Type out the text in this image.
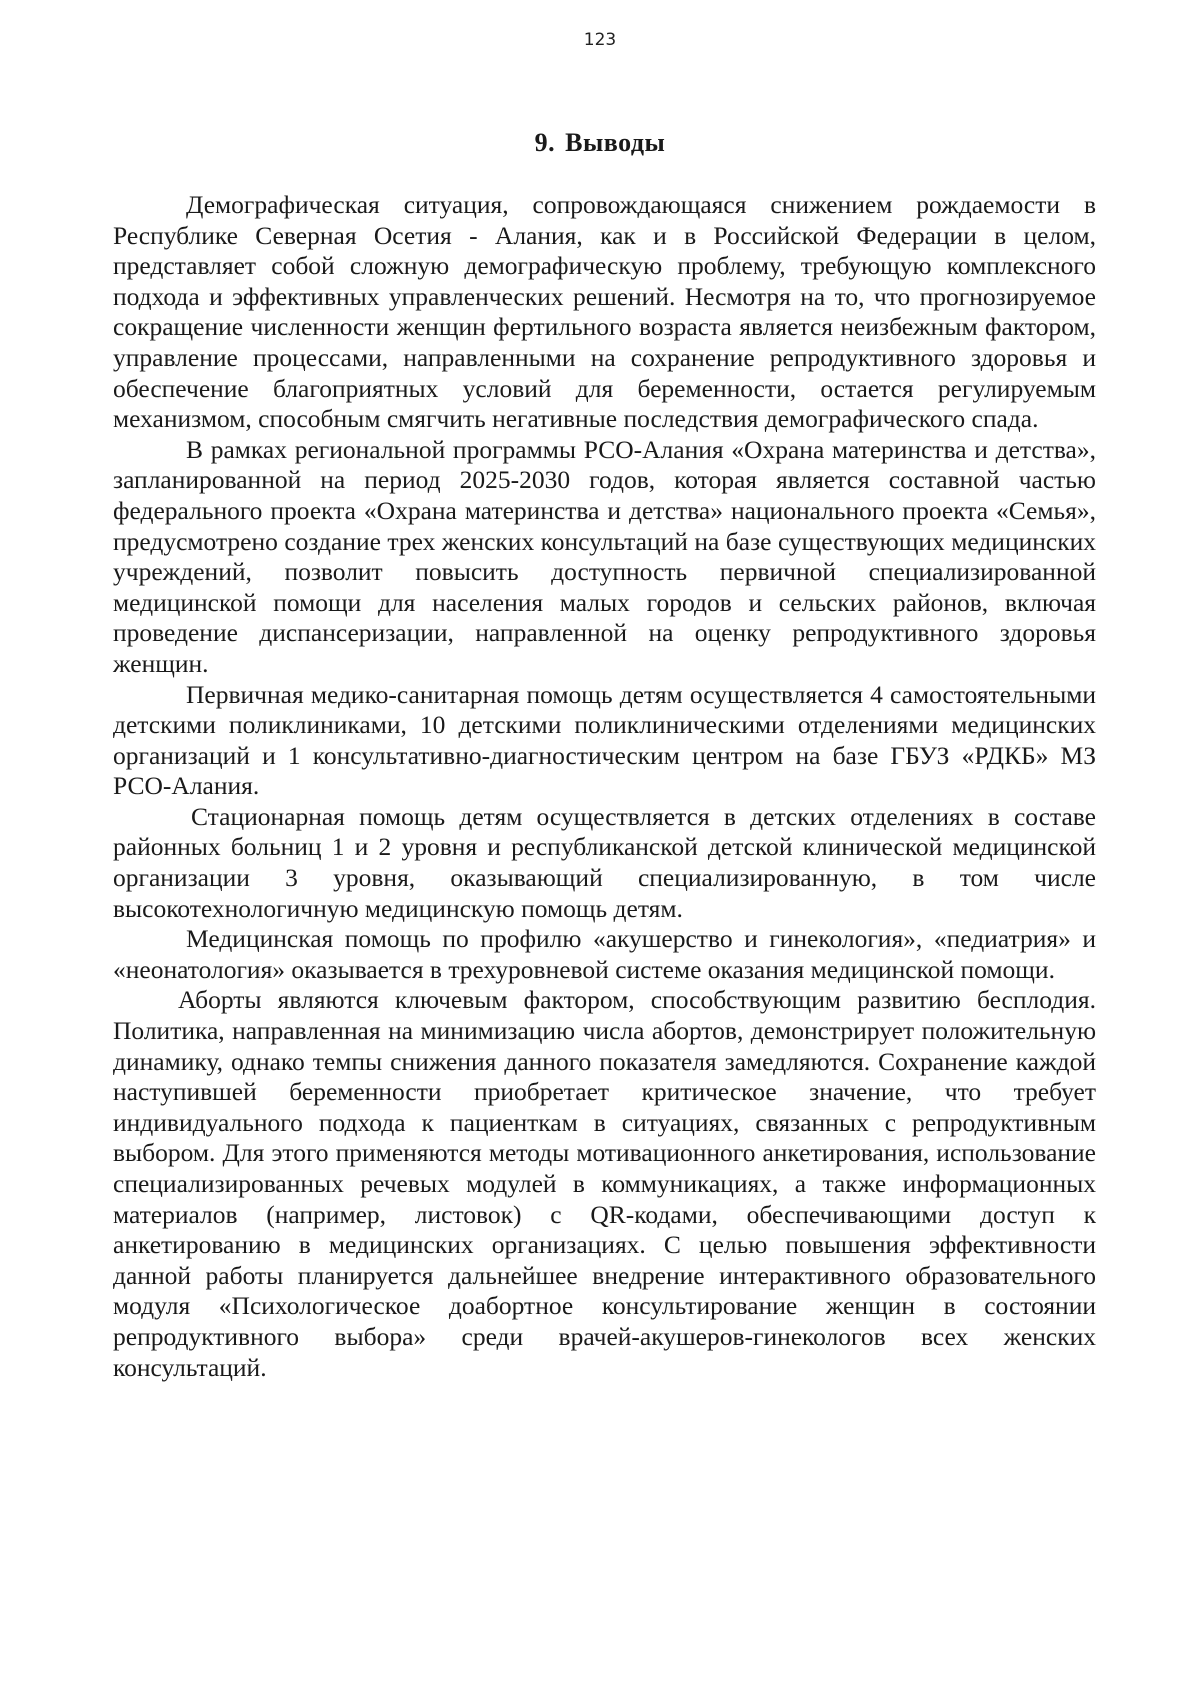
123
9. Выводы

Демографическая ситуация, сопровождающаяся снижением рождаемости в Республике Северная Осетия - Алания, как и в Российской Федерации в целом, представляет собой сложную демографическую проблему, требующую комплексного подхода и эффективных управленческих решений. Несмотря на то, что прогнозируемое сокращение численности женщин фертильного возраста является неизбежным фактором, управление процессами, направленными на сохранение репродуктивного здоровья и обеспечение благоприятных условий для беременности, остается регулируемым механизмом, способным смягчить негативные последствия демографического спада.

В рамках региональной программы РСО-Алания «Охрана материнства и детства», запланированной на период 2025-2030 годов, которая является составной частью федерального проекта «Охрана материнства и детства» национального проекта «Семья», предусмотрено создание трех женских консультаций на базе существующих медицинских учреждений, позволит повысить доступность первичной специализированной медицинской помощи для населения малых городов и сельских районов, включая проведение диспансеризации, направленной на оценку репродуктивного здоровья женщин.

Первичная медико-санитарная помощь детям осуществляется 4 самостоятельными детскими поликлиниками, 10 детскими поликлиническими отделениями медицинских организаций и 1 консультативно-диагностическим центром на базе ГБУЗ «РДКБ» МЗ РСО-Алания.

Стационарная помощь детям осуществляется в детских отделениях в составе районных больниц 1 и 2 уровня и республиканской детской клинической медицинской организации 3 уровня, оказывающий специализированную, в том числе высокотехнологичную медицинскую помощь детям.

Медицинская помощь по профилю «акушерство и гинекология», «педиатрия» и «неонатология» оказывается в трехуровневой системе оказания медицинской помощи.

Аборты являются ключевым фактором, способствующим развитию бесплодия. Политика, направленная на минимизацию числа абортов, демонстрирует положительную динамику, однако темпы снижения данного показателя замедляются. Сохранение каждой наступившей беременности приобретает критическое значение, что требует индивидуального подхода к пациенткам в ситуациях, связанных с репродуктивным выбором. Для этого применяются методы мотивационного анкетирования, использование специализированных речевых модулей в коммуникациях, а также информационных материалов (например, листовок) с QR-кодами, обеспечивающими доступ к анкетированию в медицинских организациях. С целью повышения эффективности данной работы планируется дальнейшее внедрение интерактивного образовательного модуля «Психологическое доабортное консультирование женщин в состоянии репродуктивного выбора» среди врачей-акушеров-гинекологов всех женских консультаций.
